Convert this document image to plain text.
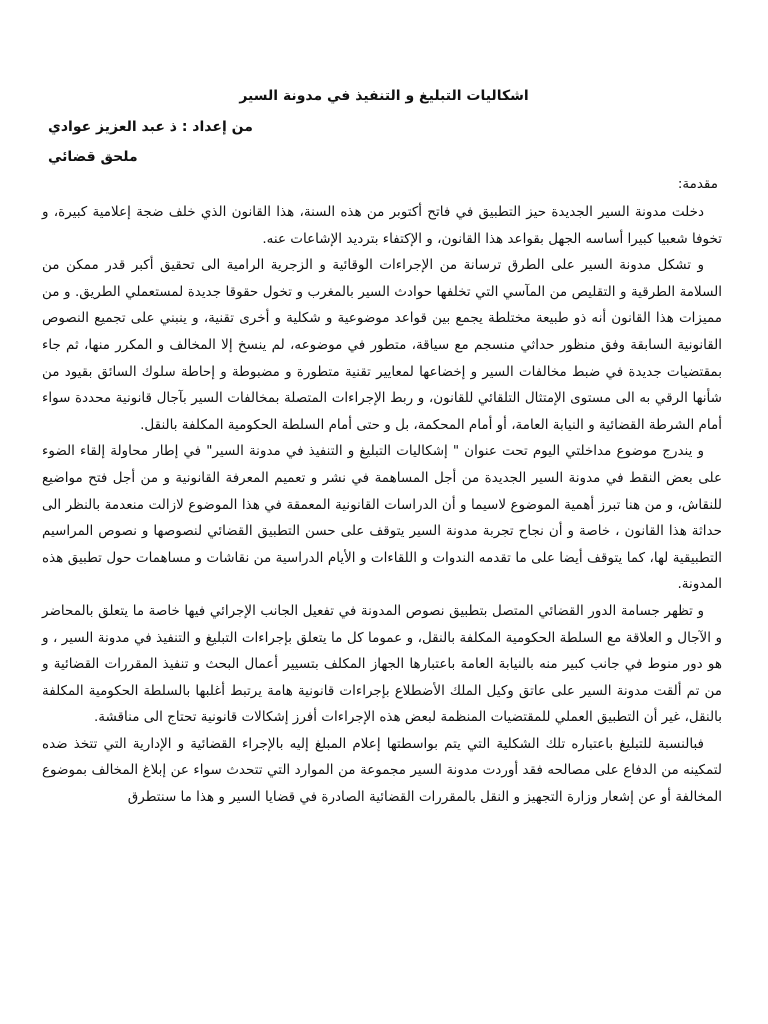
اشكاليات التبليغ و التنفيذ في مدونة السير
من إعداد : ذ عبد العزيز عوادي
ملحق قضائي
مقدمة:

دخلت مدونة السير الجديدة حيز التطبيق في فاتح أكتوبر من هذه السنة، هذا القانون الذي خلف ضجة إعلامية كبيرة، و تخوفا شعبيا كبيرا أساسه الجهل بقواعد هذا القانون، و الإكتفاء بترديد الإشاعات عنه.

و تشكل مدونة السير على الطرق ترسانة من الإجراءات الوقائية و الزجرية الرامية الى تحقيق أكبر قدر ممكن من السلامة الطرقية و التقليص من المآسي التي تخلفها حوادث السير بالمغرب و تخول حقوقا جديدة لمستعملي الطريق. و من مميزات هذا القانون أنه ذو طبيعة مختلطة يجمع بين قواعد موضوعية و شكلية و أخرى تقنية، و ينبني على تجميع النصوص القانونية السابقة وفق منظور حداثي منسجم مع سياقة، متطور في موضوعه، لم ينسخ إلا المخالف و المكرر منها، ثم جاء بمقتضيات جديدة في ضبط مخالفات السير و إخضاعها لمعايير تقنية متطورة و مضبوطة و إحاطة سلوك السائق بقيود من شأنها الرقي به الى مستوى الإمتثال التلقائي للقانون، و ربط الإجراءات المتصلة بمخالفات السير بآجال قانونية محددة سواء أمام الشرطة القضائية و النيابة العامة، أو أمام المحكمة، بل و حتى أمام السلطة الحكومية المكلفة بالنقل.

و يندرج موضوع مداخلتي اليوم تحت عنوان " إشكاليات التبليغ و التنفيذ في مدونة السير" في إطار محاولة إلقاء الضوء على بعض النقط في مدونة السير الجديدة من أجل المساهمة في نشر و تعميم المعرفة القانونية و من أجل فتح مواضيع للنقاش، و من هنا تبرز أهمية الموضوع لاسيما و أن الدراسات القانونية المعمقة في هذا الموضوع لازالت منعدمة بالنظر الى حداثة هذا القانون ، خاصة و أن نجاح تجربة مدونة السير يتوقف على حسن التطبيق القضائي لنصوصها و نصوص المراسيم التطبيقية لها، كما يتوقف أيضا على ما تقدمه الندوات و اللقاءات و الأيام الدراسية من نقاشات و مساهمات حول تطبيق هذه المدونة.

و تظهر جسامة الدور القضائي المتصل بتطبيق نصوص المدونة في تفعيل الجانب الإجرائي فيها خاصة ما يتعلق بالمحاضر و الآجال و العلاقة مع السلطة الحكومية المكلفة بالنقل، و عموما كل ما يتعلق بإجراءات التبليغ و التنفيذ في مدونة السير ، و هو دور منوط في جانب كبير منه بالنيابة العامة باعتبارها الجهاز المكلف بتسيير أعمال البحث و تنفيذ المقررات القضائية و من تم ألقت مدونة السير على عاتق وكيل الملك الأضطلاع بإجراءات قانونية هامة يرتبط أغلبها بالسلطة الحكومية المكلفة بالنقل، غير أن التطبيق العملي للمقتضيات المنظمة لبعض هذه الإجراءات أفرز إشكالات قانونية تحتاج الى مناقشة.

فبالنسبة للتبليغ باعتباره تلك الشكلية التي يتم بواسطتها إعلام المبلغ إليه بالإجراء القضائية و الإدارية التي تتخذ ضده لتمكينه من الدفاع على مصالحه فقد أوردت مدونة السير مجموعة من الموارد التي تتحدث سواء عن إبلاغ المخالف بموضوع المخالفة أو عن إشعار وزارة التجهيز و النقل بالمقررات القضائية الصادرة في قضايا السير و هذا ما سنتطرق
